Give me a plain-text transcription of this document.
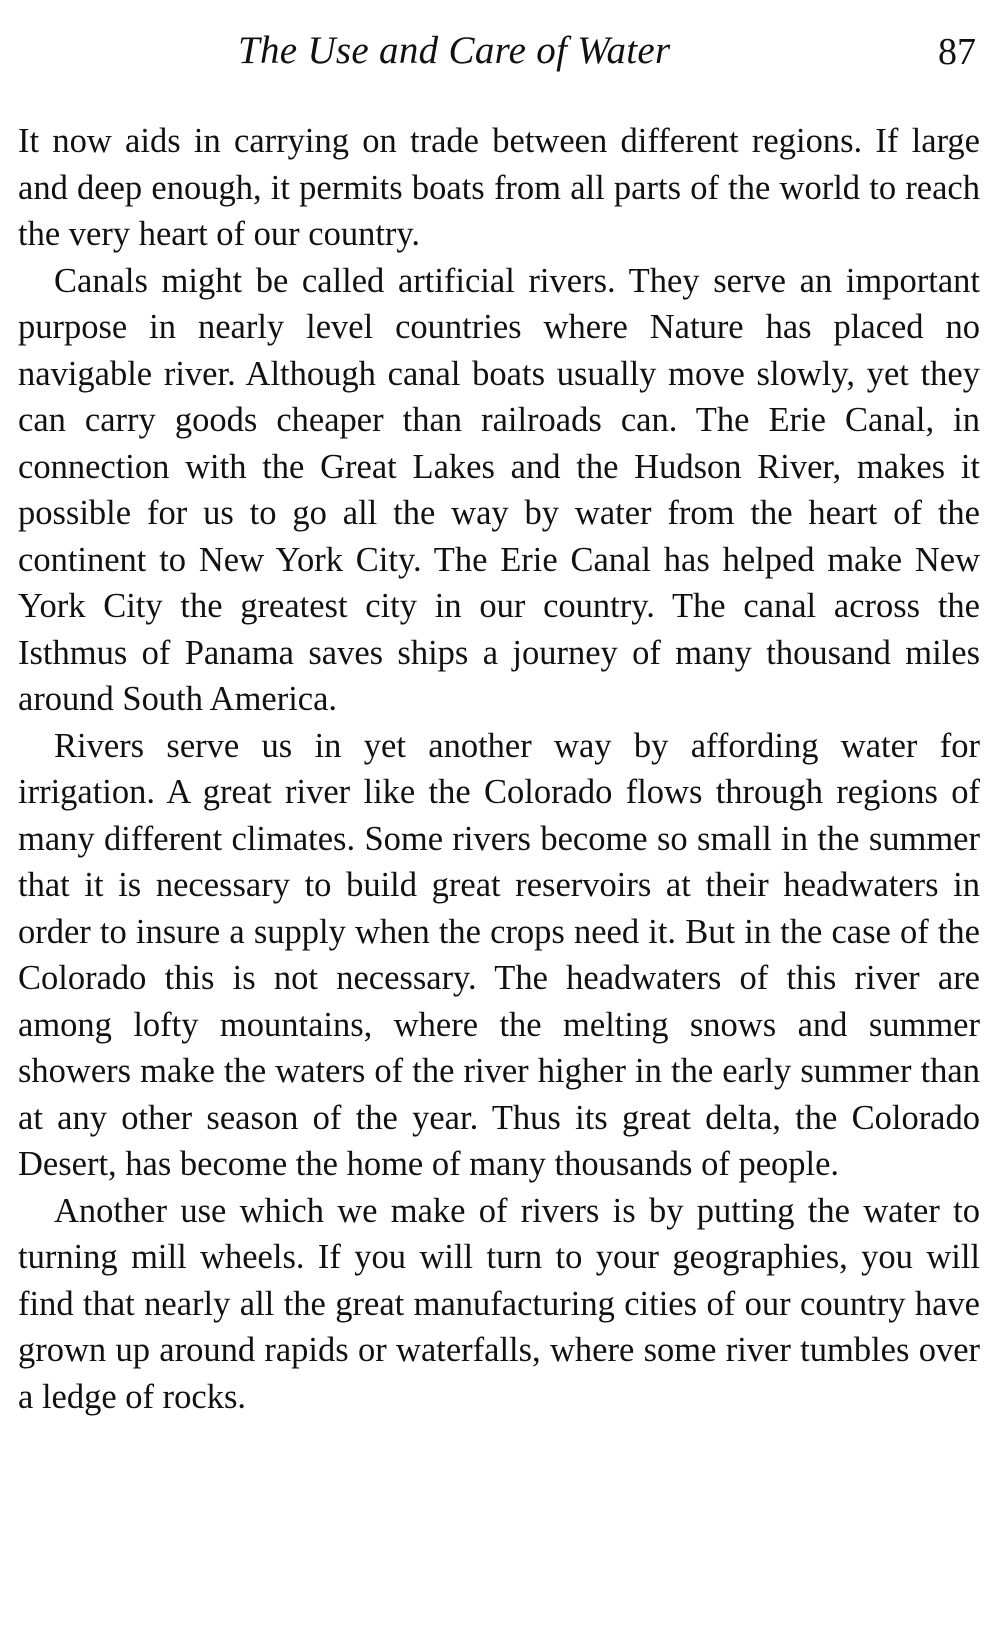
The Use and Care of Water	87

It now aids in carrying on trade between different regions. If large and deep enough, it permits boats from all parts of the world to reach the very heart of our country.

Canals might be called artificial rivers. They serve an important purpose in nearly level countries where Nature has placed no navigable river. Although canal boats usually move slowly, yet they can carry goods cheaper than railroads can. The Erie Canal, in connection with the Great Lakes and the Hudson River, makes it possible for us to go all the way by water from the heart of the continent to New York City. The Erie Canal has helped make New York City the greatest city in our country. The canal across the Isthmus of Panama saves ships a journey of many thousand miles around South America.

Rivers serve us in yet another way by affording water for irrigation. A great river like the Colorado flows through regions of many different climates. Some rivers become so small in the summer that it is necessary to build great reservoirs at their headwaters in order to insure a supply when the crops need it. But in the case of the Colorado this is not necessary. The headwaters of this river are among lofty mountains, where the melting snows and summer showers make the waters of the river higher in the early summer than at any other season of the year. Thus its great delta, the Colorado Desert, has become the home of many thousands of people.

Another use which we make of rivers is by putting the water to turning mill wheels. If you will turn to your geographies, you will find that nearly all the great manufacturing cities of our country have grown up around rapids or waterfalls, where some river tumbles over a ledge of rocks.
